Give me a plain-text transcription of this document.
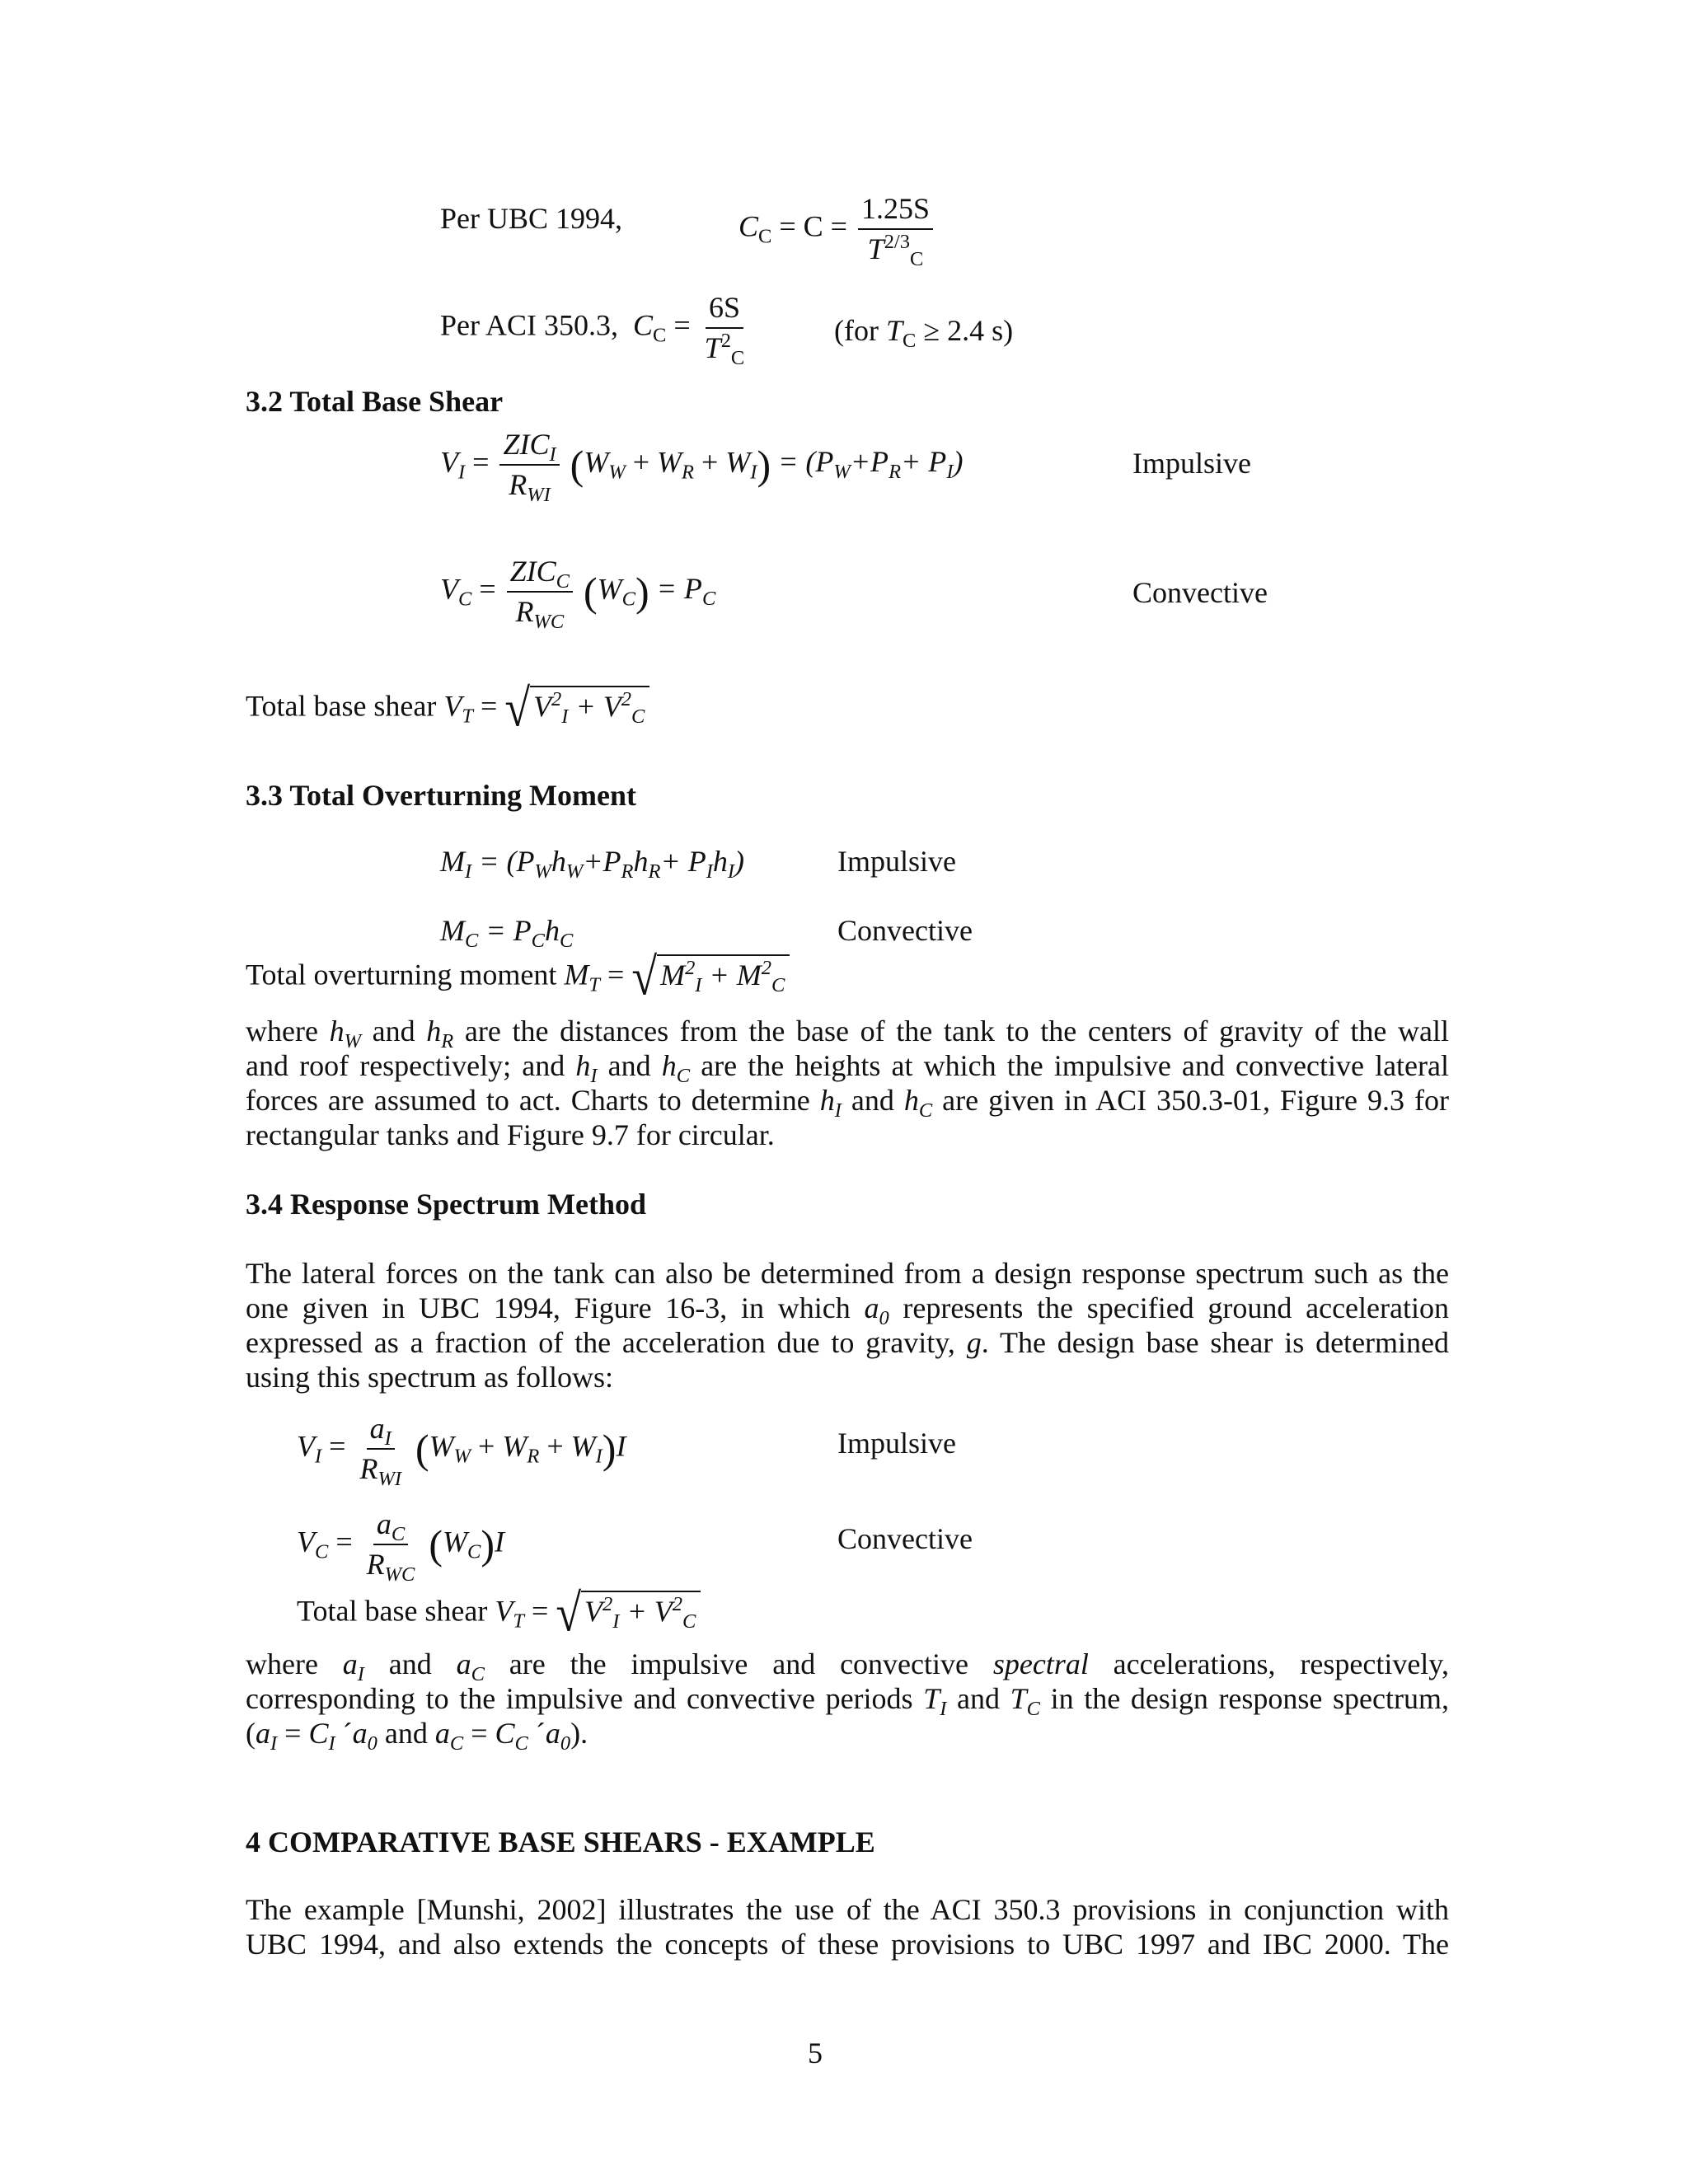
Per UBC 1994,	$C_C = C = \frac{1.25S}{T^{2/3}_C}$
Per ACI 350.3, $C_C = \frac{6S}{T^2_C}$	(for $T_C \ge 2.4$ s)
3.2 Total Base Shear
$V_I = \frac{ZIC_I}{R_{WI}} (W_W + W_R + W_I) = (P_W+P_R+ P_I)$	Impulsive
$V_C = \frac{ZIC_C}{R_{WC}} (W_C) = P_C$	Convective
Total base shear $V_T$ = √ $V^2_I + V^2_C$
3.3 Total Overturning Moment
$M_I = (P_Wh_W+P_Rh_R+ P_Ih_I)$	Impulsive
$M_C = P_Ch_C$	Convective
Total overturning moment $M_T$ = √ $M^2_I + M^2_C$
where $h_W$ and $h_R$ are the distances from the base of the tank to the centers of gravity of the wall
and roof respectively; and $h_I$ and $h_C$ are the heights at which the impulsive and convective lateral
forces are assumed to act. Charts to determine $h_I$ and $h_C$ are given in ACI 350.3-01, Figure 9.3 for
rectangular tanks and Figure 9.7 for circular.
3.4 Response Spectrum Method
The lateral forces on the tank can also be determined from a design response spectrum such as the
one given in UBC 1994, Figure 16-3, in which $a_0$ represents the specified ground acceleration
expressed as a fraction of the acceleration due to gravity, g. The design base shear is determined
using this spectrum as follows:
$V_I = \frac{a_I}{R_{WI}} (W_W + W_R + W_I)I$	Impulsive
$V_C = \frac{a_C}{R_{WC}} (W_C)I$	Convective
Total base shear $V_T$ = √ $V^2_I + V^2_C$
where $a_I$ and $a_C$ are the impulsive and convective spectral accelerations, respectively,
corresponding to the impulsive and convective periods $T_I$ and $T_C$ in the design response spectrum,
($a_I = C_I$ $´a_0$ and $a_C = C_C$ $´a_0$).
4 COMPARATIVE BASE SHEARS - EXAMPLE
The example [Munshi, 2002] illustrates the use of the ACI 350.3 provisions in conjunction with
UBC 1994, and also extends the concepts of these provisions to UBC 1997 and IBC 2000. The
5
